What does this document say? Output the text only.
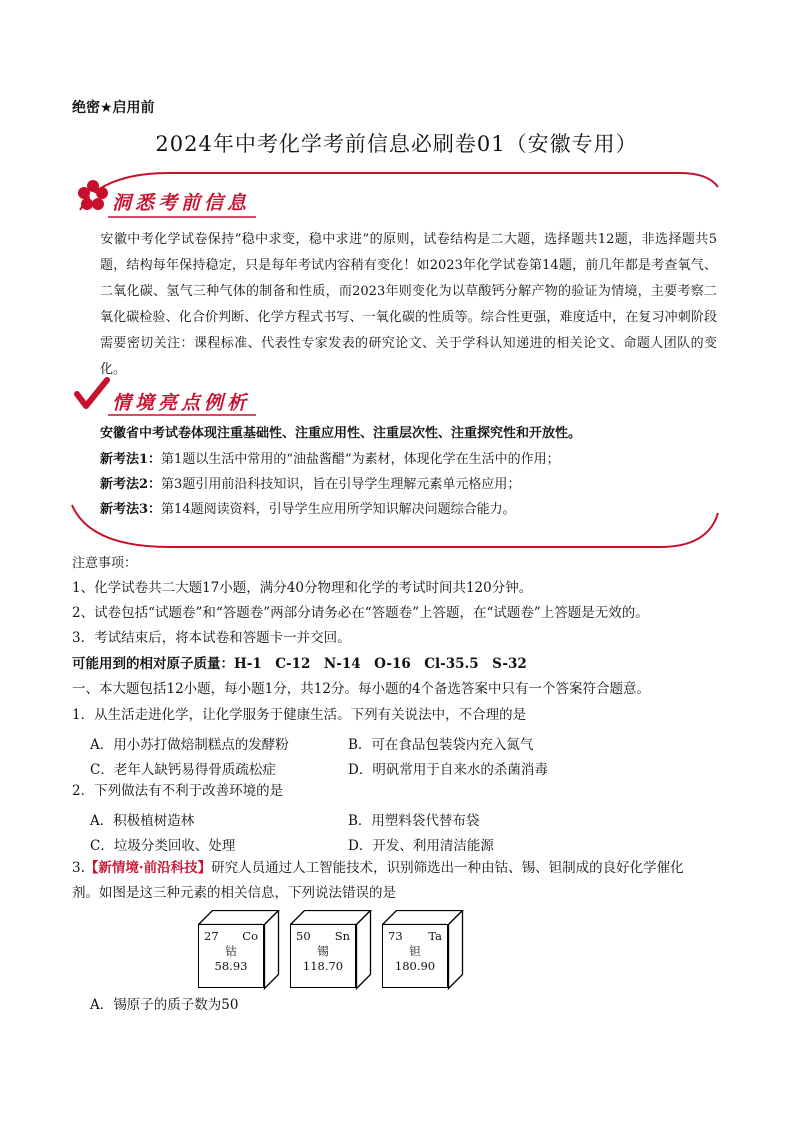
绝密★启用前
2024年中考化学考前信息必刷卷01（安徽专用）
洞悉考前信息
安徽中考化学试卷保持“稳中求变，稳中求进”的原则，试卷结构是二大题，选择题共12题，非选择题共5题，结构每年保持稳定，只是每年考试内容稍有变化！如2023年化学试卷第14题，前几年都是考查氧气、二氧化碳、氢气三种气体的制备和性质，而2023年则变化为以草酸钙分解产物的验证为情境，主要考察二氧化碳检验、化合价判断、化学方程式书写、一氧化碳的性质等。综合性更强，难度适中，在复习冲刺阶段需要密切关注：课程标准、代表性专家发表的研究论文、关于学科认知递进的相关论文、命题人团队的变化。
情境亮点例析
安徽省中考试卷体现注重基础性、注重应用性、注重层次性、注重探究性和开放性。
新考法1：第1题以生活中常用的“油盐酱醋”为素材，体现化学在生活中的作用；
新考法2：第3题引用前沿科技知识，旨在引导学生理解元素单元格应用；
新考法3：第14题阅读资料，引导学生应用所学知识解决问题综合能力。
注意事项：
1、化学试卷共二大题17小题，满分40分物理和化学的考试时间共120分钟。
2、试卷包括“试题卷”和“答题卷”两部分请务必在“答题卷”上答题，在“试题卷”上答题是无效的。
3．考试结束后，将本试卷和答题卡一并交回。
可能用到的相对原子质量：H-1　C-12　N-14　O-16　Cl-35.5　S-32
一、本大题包括12小题，每小题1分，共12分。每小题的4个备选答案中只有一个答案符合题意。
1．从生活走进化学，让化学服务于健康生活。下列有关说法中，不合理的是
A．用小苏打做焙制糕点的发酵粉	B．可在食品包装袋内充入氮气
C．老年人缺钙易得骨质疏松症	D．明矾常用于自来水的杀菌消毒
2．下列做法有不利于改善环境的是
A．积极植树造林	B．用塑料袋代替布袋
C．垃圾分类回收、处理	D．开发、利用清洁能源
3.【新情境·前沿科技】研究人员通过人工智能技术，识别筛选出一种由钴、锡、钽制成的良好化学催化
剂。如图是这三种元素的相关信息，下列说法错误的是
27 Co
钴
58.93
50 Sn
锡
118.70
73 Ta
钽
180.90
A．锡原子的质子数为50
